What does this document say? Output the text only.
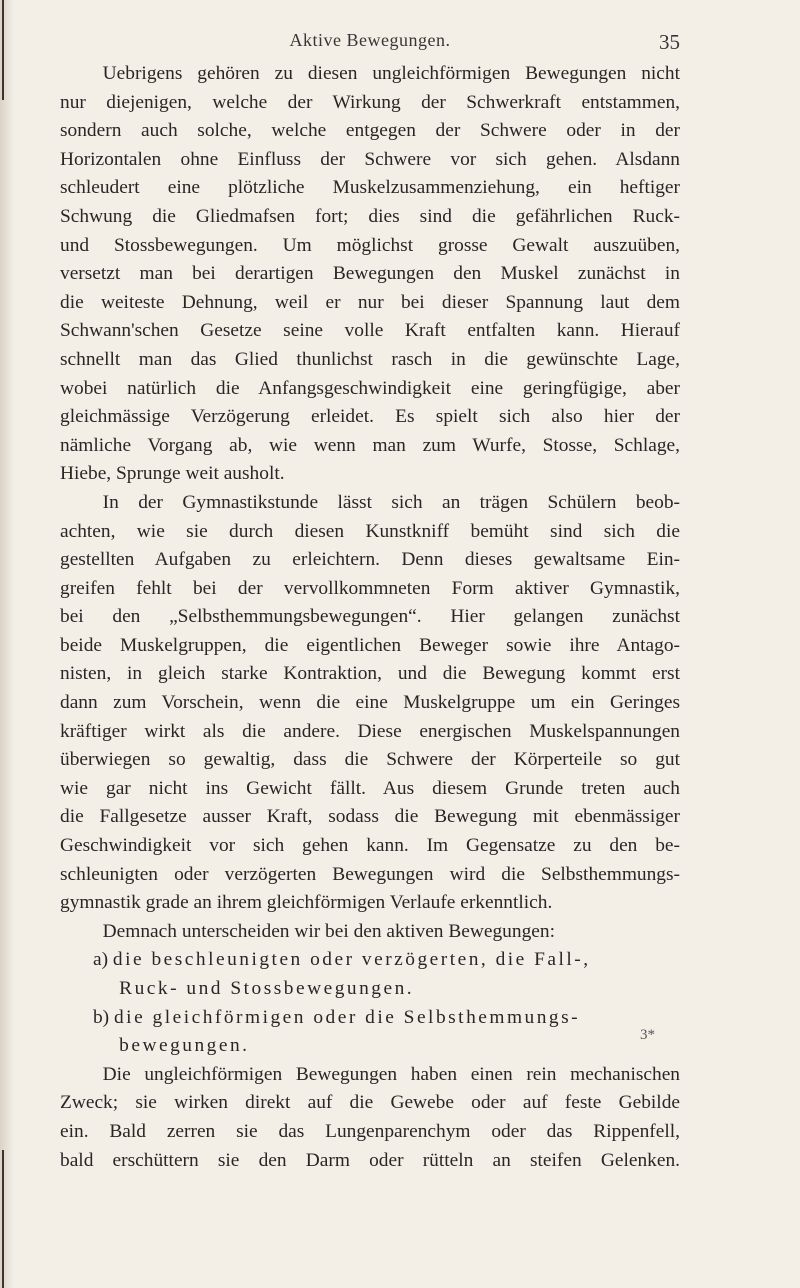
Aktive Bewegungen.	35
Uebrigens gehören zu diesen ungleichförmigen Bewegungen nicht
nur diejenigen, welche der Wirkung der Schwerkraft entstammen,
sondern auch solche, welche entgegen der Schwere oder in der
Horizontalen ohne Einfluss der Schwere vor sich gehen. Alsdann
schleudert eine plötzliche Muskelzusammenziehung, ein heftiger
Schwung die Gliedmafsen fort; dies sind die gefährlichen Ruck-
und Stossbewegungen. Um möglichst grosse Gewalt auszuüben,
versetzt man bei derartigen Bewegungen den Muskel zunächst in
die weiteste Dehnung, weil er nur bei dieser Spannung laut dem
Schwann'schen Gesetze seine volle Kraft entfalten kann. Hierauf
schnellt man das Glied thunlichst rasch in die gewünschte Lage,
wobei natürlich die Anfangsgeschwindigkeit eine geringfügige, aber
gleichmässige Verzögerung erleidet. Es spielt sich also hier der
nämliche Vorgang ab, wie wenn man zum Wurfe, Stosse, Schlage,
Hiebe, Sprunge weit ausholt.
In der Gymnastikstunde lässt sich an trägen Schülern beob-
achten, wie sie durch diesen Kunstkniff bemüht sind sich die
gestellten Aufgaben zu erleichtern. Denn dieses gewaltsame Ein-
greifen fehlt bei der vervollkommneten Form aktiver Gymnastik,
bei den „Selbsthemmungsbewegungen“. Hier gelangen zunächst
beide Muskelgruppen, die eigentlichen Beweger sowie ihre Antago-
nisten, in gleich starke Kontraktion, und die Bewegung kommt erst
dann zum Vorschein, wenn die eine Muskelgruppe um ein Geringes
kräftiger wirkt als die andere. Diese energischen Muskelspannungen
überwiegen so gewaltig, dass die Schwere der Körperteile so gut
wie gar nicht ins Gewicht fällt. Aus diesem Grunde treten auch
die Fallgesetze ausser Kraft, sodass die Bewegung mit ebenmässiger
Geschwindigkeit vor sich gehen kann. Im Gegensatze zu den be-
schleunigten oder verzögerten Bewegungen wird die Selbsthemmungs-
gymnastik grade an ihrem gleichförmigen Verlaufe erkenntlich.
Demnach unterscheiden wir bei den aktiven Bewegungen:
a) die beschleunigten oder verzögerten, die Fall-,
Ruck- und Stossbewegungen.
b) die gleichförmigen oder die Selbsthemmungs-
bewegungen.
Die ungleichförmigen Bewegungen haben einen rein mechanischen
Zweck; sie wirken direkt auf die Gewebe oder auf feste Gebilde
ein. Bald zerren sie das Lungenparenchym oder das Rippenfell,
bald erschüttern sie den Darm oder rütteln an steifen Gelenken.
3*
